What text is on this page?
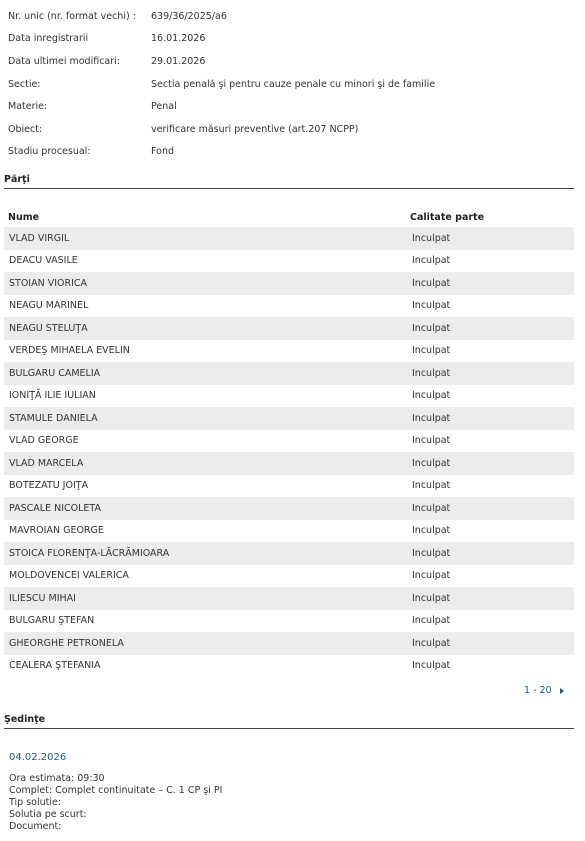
Nr. unic (nr. format vechi) :	639/36/2025/a6
Data inregistrarii	16.01.2026
Data ultimei modificari:	29.01.2026
Sectie:	Sectia penală şi pentru cauze penale cu minori şi de familie
Materie:	Penal
Obiect:	verificare măsuri preventive (art.207 NCPP)
Stadiu procesual:	Fond
Părţi
Nume	Calitate parte
VLAD VIRGIL	Inculpat
DEACU VASILE	Inculpat
STOIAN VIORICA	Inculpat
NEAGU MARINEL	Inculpat
NEAGU STELUŢA	Inculpat
VERDEŞ MIHAELA EVELIN	Inculpat
BULGARU CAMELIA	Inculpat
IONIŢĂ ILIE IULIAN	Inculpat
STAMULE DANIELA	Inculpat
VLAD GEORGE	Inculpat
VLAD MARCELA	Inculpat
BOTEZATU JOIŢA	Inculpat
PASCALE NICOLETA	Inculpat
MAVROIAN GEORGE	Inculpat
STOICA FLORENŢA-LĂCRĂMIOARA	Inculpat
MOLDOVENCEI VALERICA	Inculpat
ILIESCU MIHAI	Inculpat
BULGARU ŞTEFAN	Inculpat
GHEORGHE PETRONELA	Inculpat
CEALERA ŞTEFANIA	Inculpat
1 - 20
Şedinţe
04.02.2026
Ora estimata: 09:30
Complet: Complet continuitate – C. 1 CP şi PI
Tip solutie:
Solutia pe scurt:
Document:
